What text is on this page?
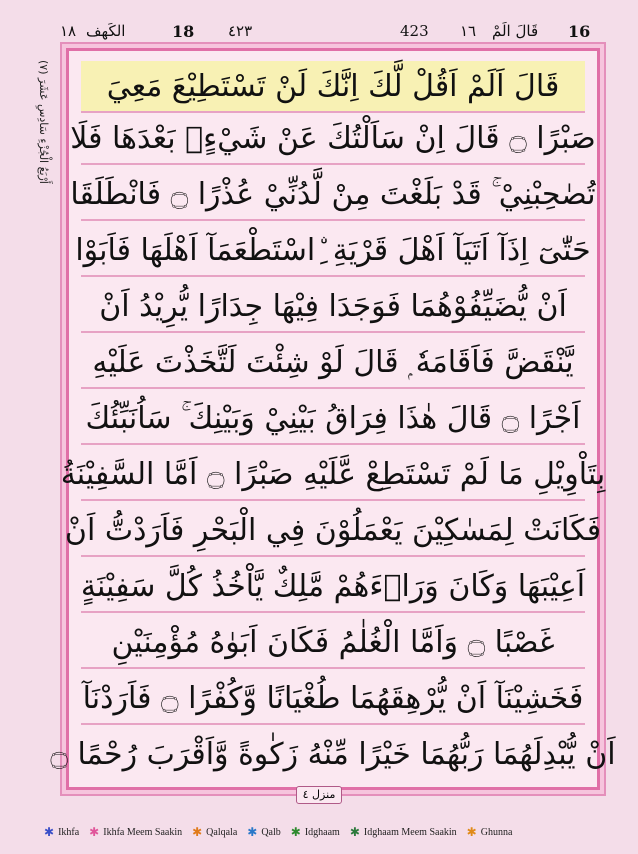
١٨ الكَهف	18 ٤٢٣	423 ١٦ قَالَ الَمْ 16
(٧) أَرْبَعُ الْجُزْءِ سَادِسِ عَشَرَ	قَالَ اَلَمْ اَقُلْ لَّكَ اِنَّكَ لَنْ تَسْتَطِيْعَ مَعِيَ
صَبْرًا ۝ قَالَ اِنْ سَاَلْتُكَ عَنْ شَيْءٍۭ بَعْدَهَا فَلَا
تُصٰحِبْنِيْ ۚ قَدْ بَلَغْتَ مِنْ لَّدُنِّيْ عُذْرًا ۝ فَانْطَلَقَا
حَتّٰىٓ اِذَآ اَتَيَآ اَهْلَ قَرْيَةِ ِۨاسْتَطْعَمَآ اَهْلَهَا فَاَبَوْا
اَنْ يُّضَيِّفُوْهُمَا فَوَجَدَا فِيْهَا جِدَارًا يُّرِيْدُ اَنْ
يَّنْقَضَّ فَاَقَامَهٗ ۭ قَالَ لَوْ شِئْتَ لَتَّخَذْتَ عَلَيْهِ
اَجْرًا ۝ قَالَ هٰذَا فِرَاقُ بَيْنِيْ وَبَيْنِكَ ۚ سَاُنَبِّئُكَ
بِتَاْوِيْلِ مَا لَمْ تَسْتَطِعْ عَّلَيْهِ صَبْرًا ۝ اَمَّا السَّفِيْنَةُ
فَكَانَتْ لِمَسٰكِيْنَ يَعْمَلُوْنَ فِي الْبَحْرِ فَاَرَدْتُّ اَنْ
اَعِيْبَهَا وَكَانَ وَرَاۗءَهُمْ مَّلِكٌ يَّاْخُذُ كُلَّ سَفِيْنَةٍ
غَصْبًا ۝ وَاَمَّا الْغُلٰمُ فَكَانَ اَبَوٰهُ مُؤْمِنَيْنِ
فَخَشِيْنَآ اَنْ يُّرْهِقَهُمَا طُغْيَانًا وَّكُفْرًا ۝ فَاَرَدْنَآ
اَنْ يُّبْدِلَهُمَا رَبُّهُمَا خَيْرًا مِّنْهُ زَكٰوةً وَّاَقْرَبَ رُحْمًا ۝
منزل ٤
✱ Ikhfa ✱ Ikhfa Meem Saakin ✱ Qalqala ✱ Qalb ✱ Idghaam ✱ Idghaam Meem Saakin ✱ Ghunna
